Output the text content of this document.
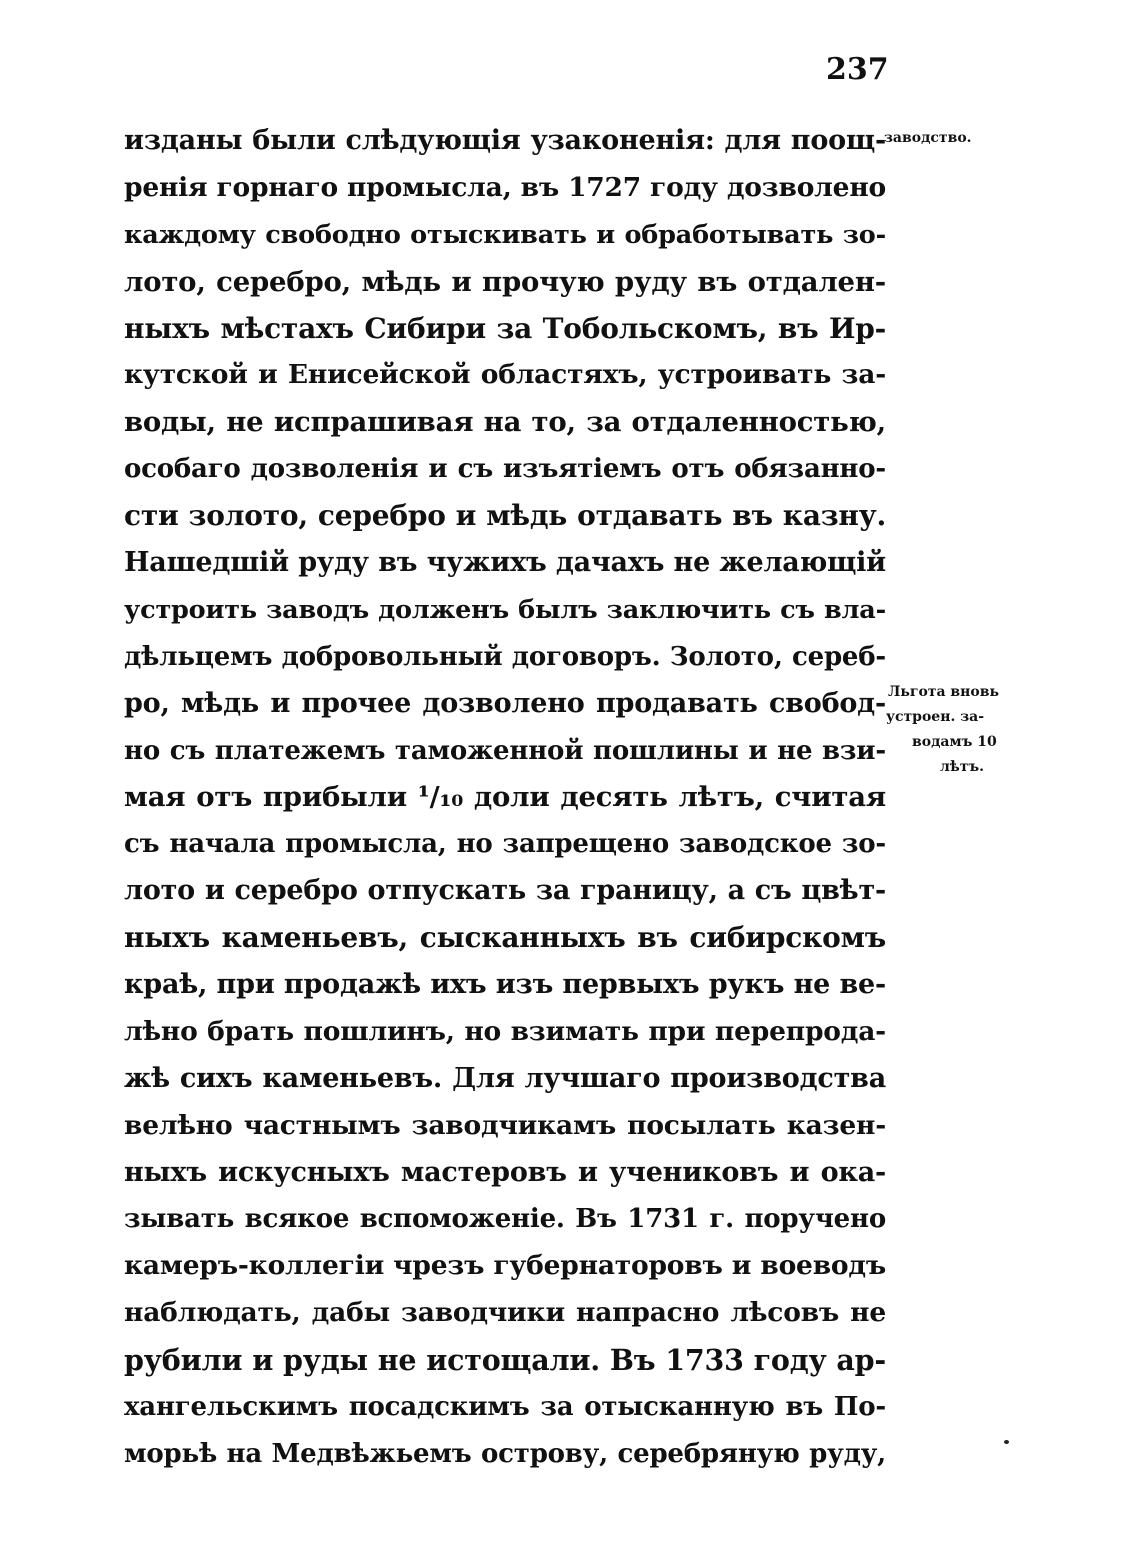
237
изданы были слѣдующія узаконенія: для поощ-
ренія горнаго промысла, въ 1727 году дозволено
каждому свободно отыскивать и обработывать зо-
лото, серебро, мѣдь и прочую руду въ отдален-
ныхъ мѣстахъ Сибири за Тобольскомъ, въ Ир-
кутской и Енисейской областяхъ, устроивать за-
воды, не испрашивая на то, за отдаленностью,
особаго дозволенія и съ изъятіемъ отъ обязанно-
сти золото, серебро и мѣдь отдавать въ казну.
Нашедшій руду въ чужихъ дачахъ не желающій
устроить заводъ долженъ былъ заключить съ вла-
дѣльцемъ добровольный договоръ. Золото, сереб-
ро, мѣдь и прочее дозволено продавать свобод-
но съ платежемъ таможенной пошлины и не взи-
мая отъ прибыли ¹/₁₀ доли десять лѣтъ, считая
съ начала промысла, но запрещено заводское зо-
лото и серебро отпускать за границу, а съ цвѣт-
ныхъ каменьевъ, сысканныхъ въ сибирскомъ
краѣ, при продажѣ ихъ изъ первыхъ рукъ не ве-
лѣно брать пошлинъ, но взимать при перепрода-
жѣ сихъ каменьевъ. Для лучшаго производства
велѣно частнымъ заводчикамъ посылать казен-
ныхъ искусныхъ мастеровъ и учениковъ и ока-
зывать всякое вспоможеніе. Въ 1731 г. поручено
камеръ-коллегіи чрезъ губернаторовъ и воеводъ
наблюдать, дабы заводчики напрасно лѣсовъ не
рубили и руды не истощали. Въ 1733 году ар-
хангельскимъ посадскимъ за отысканную въ По-
морьѣ на Медвѣжьемъ острову, серебряную руду,
заводство.
Льгота вновь
устроен. за-
водамъ 10
лѣтъ.
